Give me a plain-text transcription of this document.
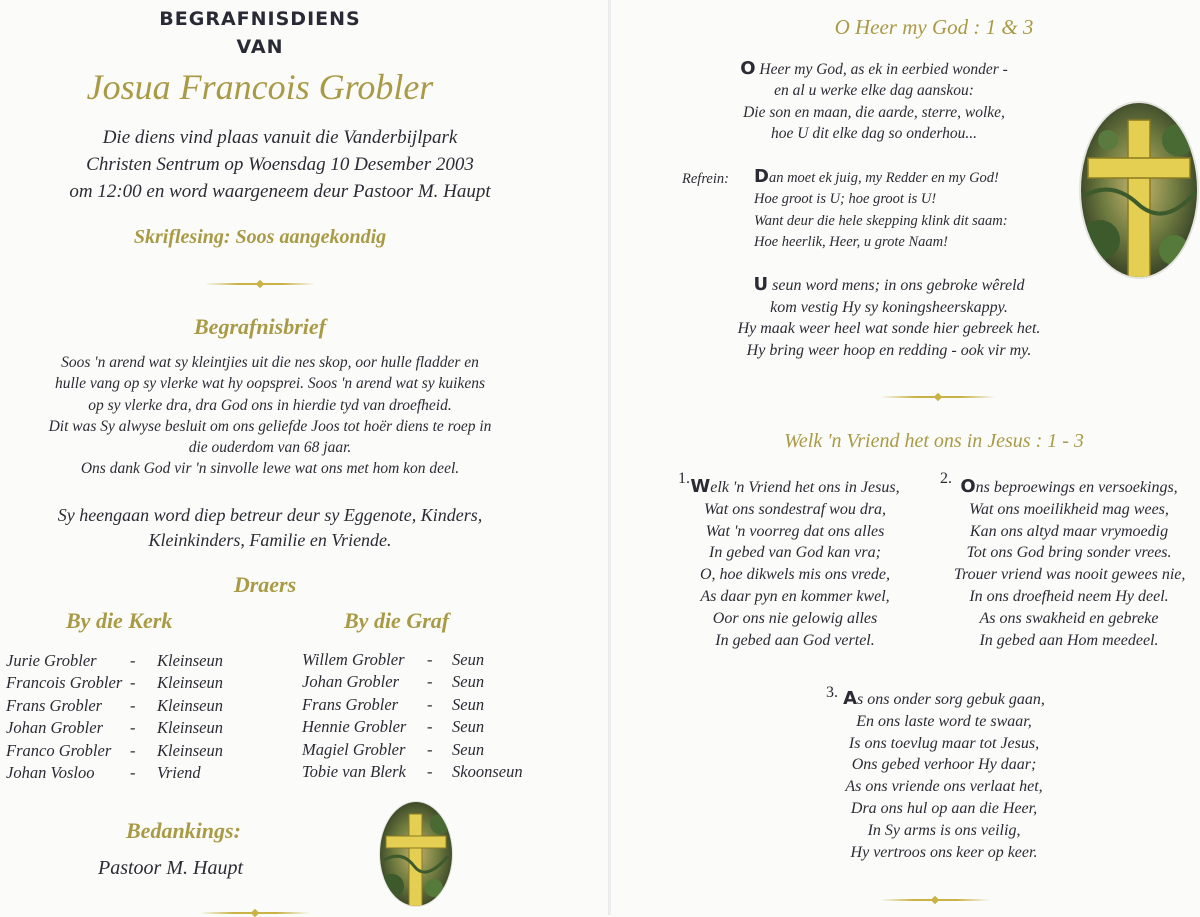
BEGRAFNISDIENS
VAN
Josua Francois Grobler
Die diens vind plaas vanuit die Vanderbijlpark
Christen Sentrum op Woensdag 10 Desember 2003
om 12:00 en word waargeneem deur Pastoor M. Haupt
Skriflesing: Soos aangekondig
Begrafnisbrief
Soos 'n arend wat sy kleintjies uit die nes skop, oor hulle fladder en
hulle vang op sy vlerke wat hy oopsprei. Soos 'n arend wat sy kuikens
op sy vlerke dra, dra God ons in hierdie tyd van droefheid.
Dit was Sy alwyse besluit om ons geliefde Joos tot hoër diens te roep in
die ouderdom van 68 jaar.
Ons dank God vir 'n sinvolle lewe wat ons met hom kon deel.
Sy heengaan word diep betreur deur sy Eggenote, Kinders,
Kleinkinders, Familie en Vriende.
Draers
By die Kerk	By die Graf
Jurie Grobler - Kleinseun
Francois Grobler - Kleinseun
Frans Grobler - Kleinseun
Johan Grobler - Kleinseun
Franco Grobler - Kleinseun
Johan Vosloo - Vriend
Willem Grobler - Seun
Johan Grobler - Seun
Frans Grobler - Seun
Hennie Grobler - Seun
Magiel Grobler - Seun
Tobie van Blerk - Skoonseun
Bedankings:
Pastoor M. Haupt
O Heer my God : 1 & 3
O Heer my God, as ek in eerbied wonder -
en al u werke elke dag aanskou:
Die son en maan, die aarde, sterre, wolke,
hoe U dit elke dag so onderhou...
Refrein: Dan moet ek juig, my Redder en my God!
Hoe groot is U; hoe groot is U!
Want deur die hele skepping klink dit saam:
Hoe heerlik, Heer, u grote Naam!
U seun word mens; in ons gebroke wêreld
kom vestig Hy sy koningsheerskappy.
Hy maak weer heel wat sonde hier gebreek het.
Hy bring weer hoop en redding - ook vir my.
Welk 'n Vriend het ons in Jesus : 1 - 3
1. Welk 'n Vriend het ons in Jesus,
Wat ons sondestraf wou dra,
Wat 'n voorreg dat ons alles
In gebed van God kan vra;
O, hoe dikwels mis ons vrede,
As daar pyn en kommer kwel,
Oor ons nie gelowig alles
In gebed aan God vertel.
2. Ons beproewings en versoekings,
Wat ons moeilikheid mag wees,
Kan ons altyd maar vrymoedig
Tot ons God bring sonder vrees.
Trouer vriend was nooit gewees nie,
In ons droefheid neem Hy deel.
As ons swakheid en gebreke
In gebed aan Hom meedeel.
3. As ons onder sorg gebuk gaan,
En ons laste word te swaar,
Is ons toevlug maar tot Jesus,
Ons gebed verhoor Hy daar;
As ons vriende ons verlaat het,
Dra ons hul op aan die Heer,
In Sy arms is ons veilig,
Hy vertroos ons keer op keer.
